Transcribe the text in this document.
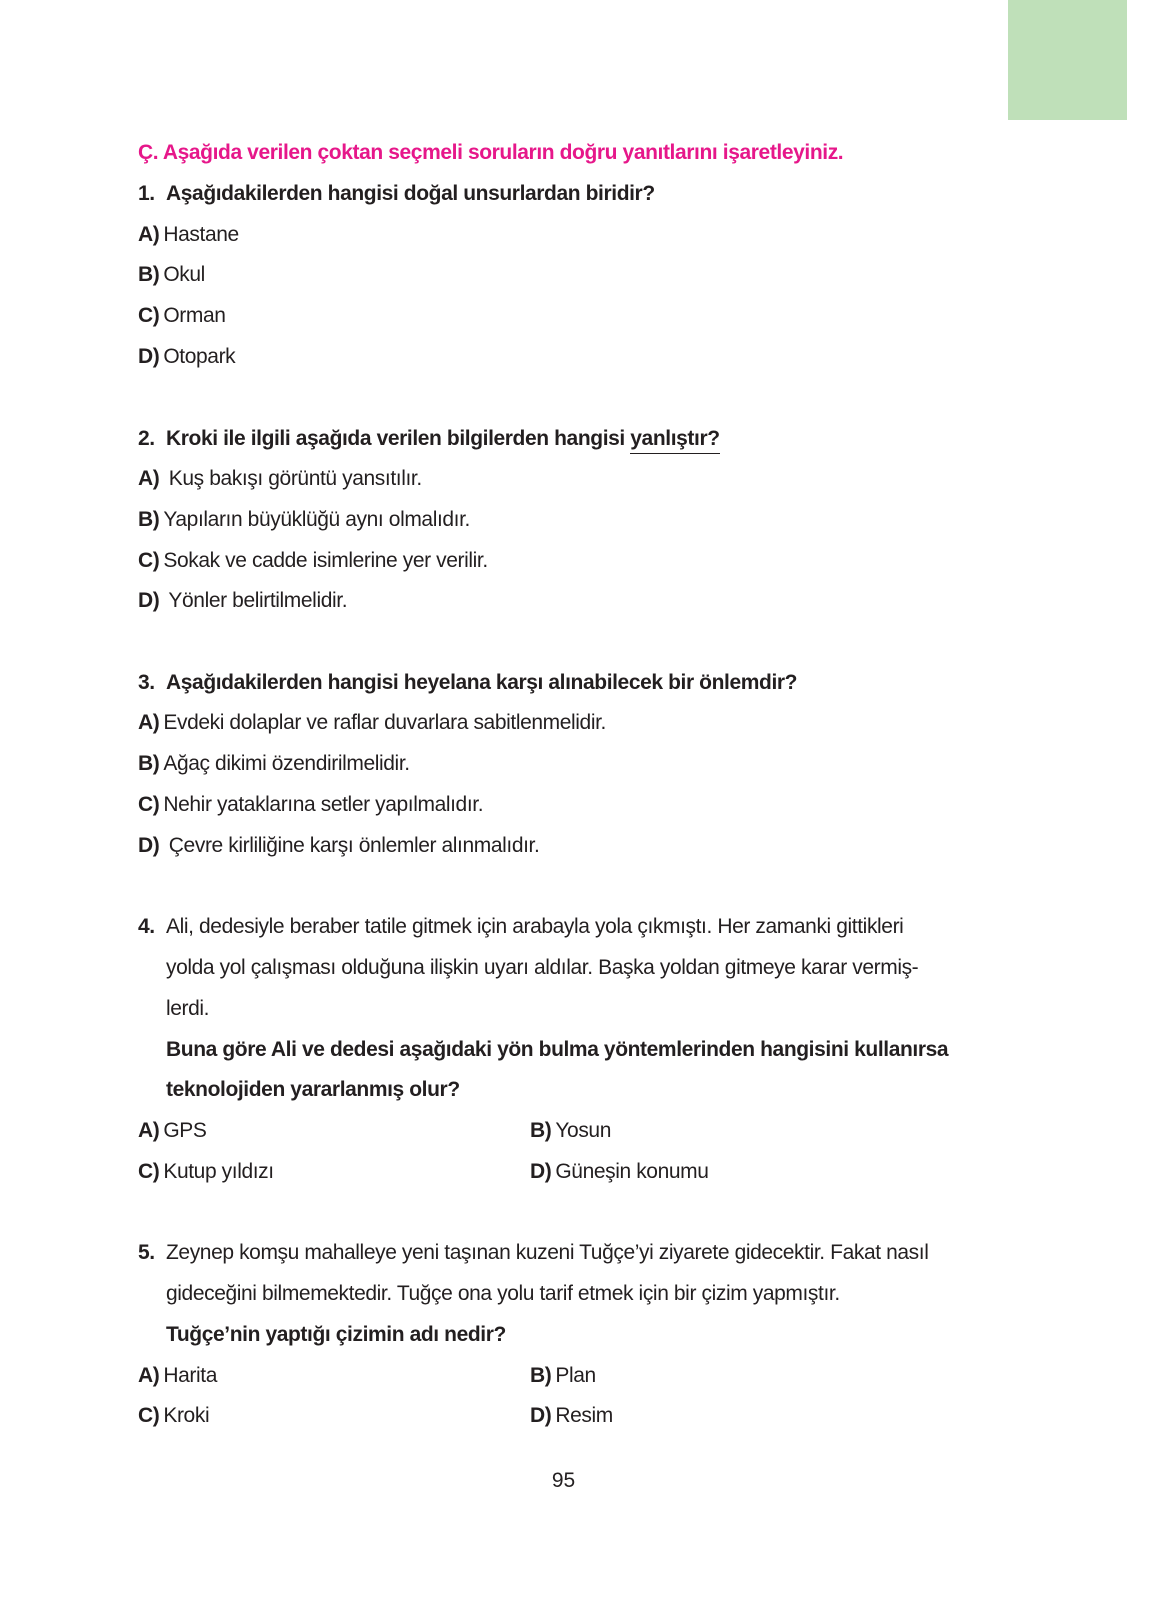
Ç. Aşağıda verilen çoktan seçmeli soruların doğru yanıtlarını işaretleyiniz.
1. Aşağıdakilerden hangisi doğal unsurlardan biridir?
A) Hastane
B) Okul
C) Orman
D) Otopark
2. Kroki ile ilgili aşağıda verilen bilgilerden hangisi yanlıştır?
A) Kuş bakışı görüntü yansıtılır.
B) Yapıların büyüklüğü aynı olmalıdır.
C) Sokak ve cadde isimlerine yer verilir.
D) Yönler belirtilmelidir.
3. Aşağıdakilerden hangisi heyelana karşı alınabilecek bir önlemdir?
A) Evdeki dolaplar ve raflar duvarlara sabitlenmelidir.
B) Ağaç dikimi özendirilmelidir.
C) Nehir yataklarına setler yapılmalıdır.
D) Çevre kirliliğine karşı önlemler alınmalıdır.
4. Ali, dedesiyle beraber tatile gitmek için arabayla yola çıkmıştı. Her zamanki gittikleri
yolda yol çalışması olduğuna ilişkin uyarı aldılar. Başka yoldan gitmeye karar vermiş-
lerdi.
Buna göre Ali ve dedesi aşağıdaki yön bulma yöntemlerinden hangisini kullanırsa
teknolojiden yararlanmış olur?
A) GPS	B) Yosun
C) Kutup yıldızı	D) Güneşin konumu
5. Zeynep komşu mahalleye yeni taşınan kuzeni Tuğçe’yi ziyarete gidecektir. Fakat nasıl
gideceğini bilmemektedir. Tuğçe ona yolu tarif etmek için bir çizim yapmıştır.
Tuğçe’nin yaptığı çizimin adı nedir?
A) Harita	B) Plan
C) Kroki	D) Resim
95
